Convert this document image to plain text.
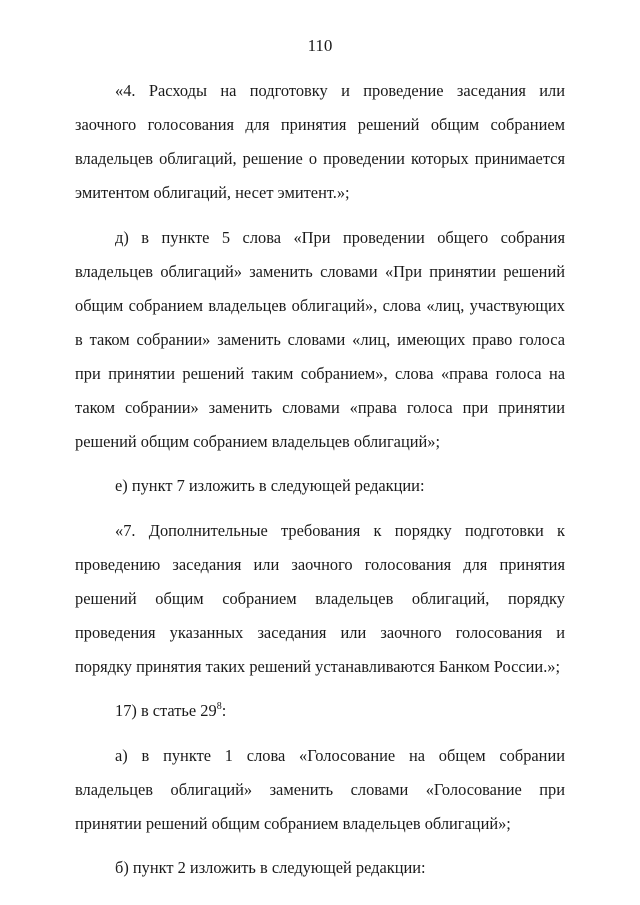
110

«4. Расходы на подготовку и проведение заседания или заочного голосования для принятия решений общим собранием владельцев облигаций, решение о проведении которых принимается эмитентом облигаций, несет эмитент.»;

д) в пункте 5 слова «При проведении общего собрания владельцев облигаций» заменить словами «При принятии решений общим собранием владельцев облигаций», слова «лиц, участвующих в таком собрании» заменить словами «лиц, имеющих право голоса при принятии решений таким собранием», слова «права голоса на таком собрании» заменить словами «права голоса при принятии решений общим собранием владельцев облигаций»;

е) пункт 7 изложить в следующей редакции:

«7. Дополнительные требования к порядку подготовки к проведению заседания или заочного голосования для принятия решений общим собранием владельцев облигаций, порядку проведения указанных заседания или заочного голосования и порядку принятия таких решений устанавливаются Банком России.»;

17) в статье $29^8$:

а) в пункте 1 слова «Голосование на общем собрании владельцев облигаций» заменить словами «Голосование при принятии решений общим собранием владельцев облигаций»;

б) пункт 2 изложить в следующей редакции:
